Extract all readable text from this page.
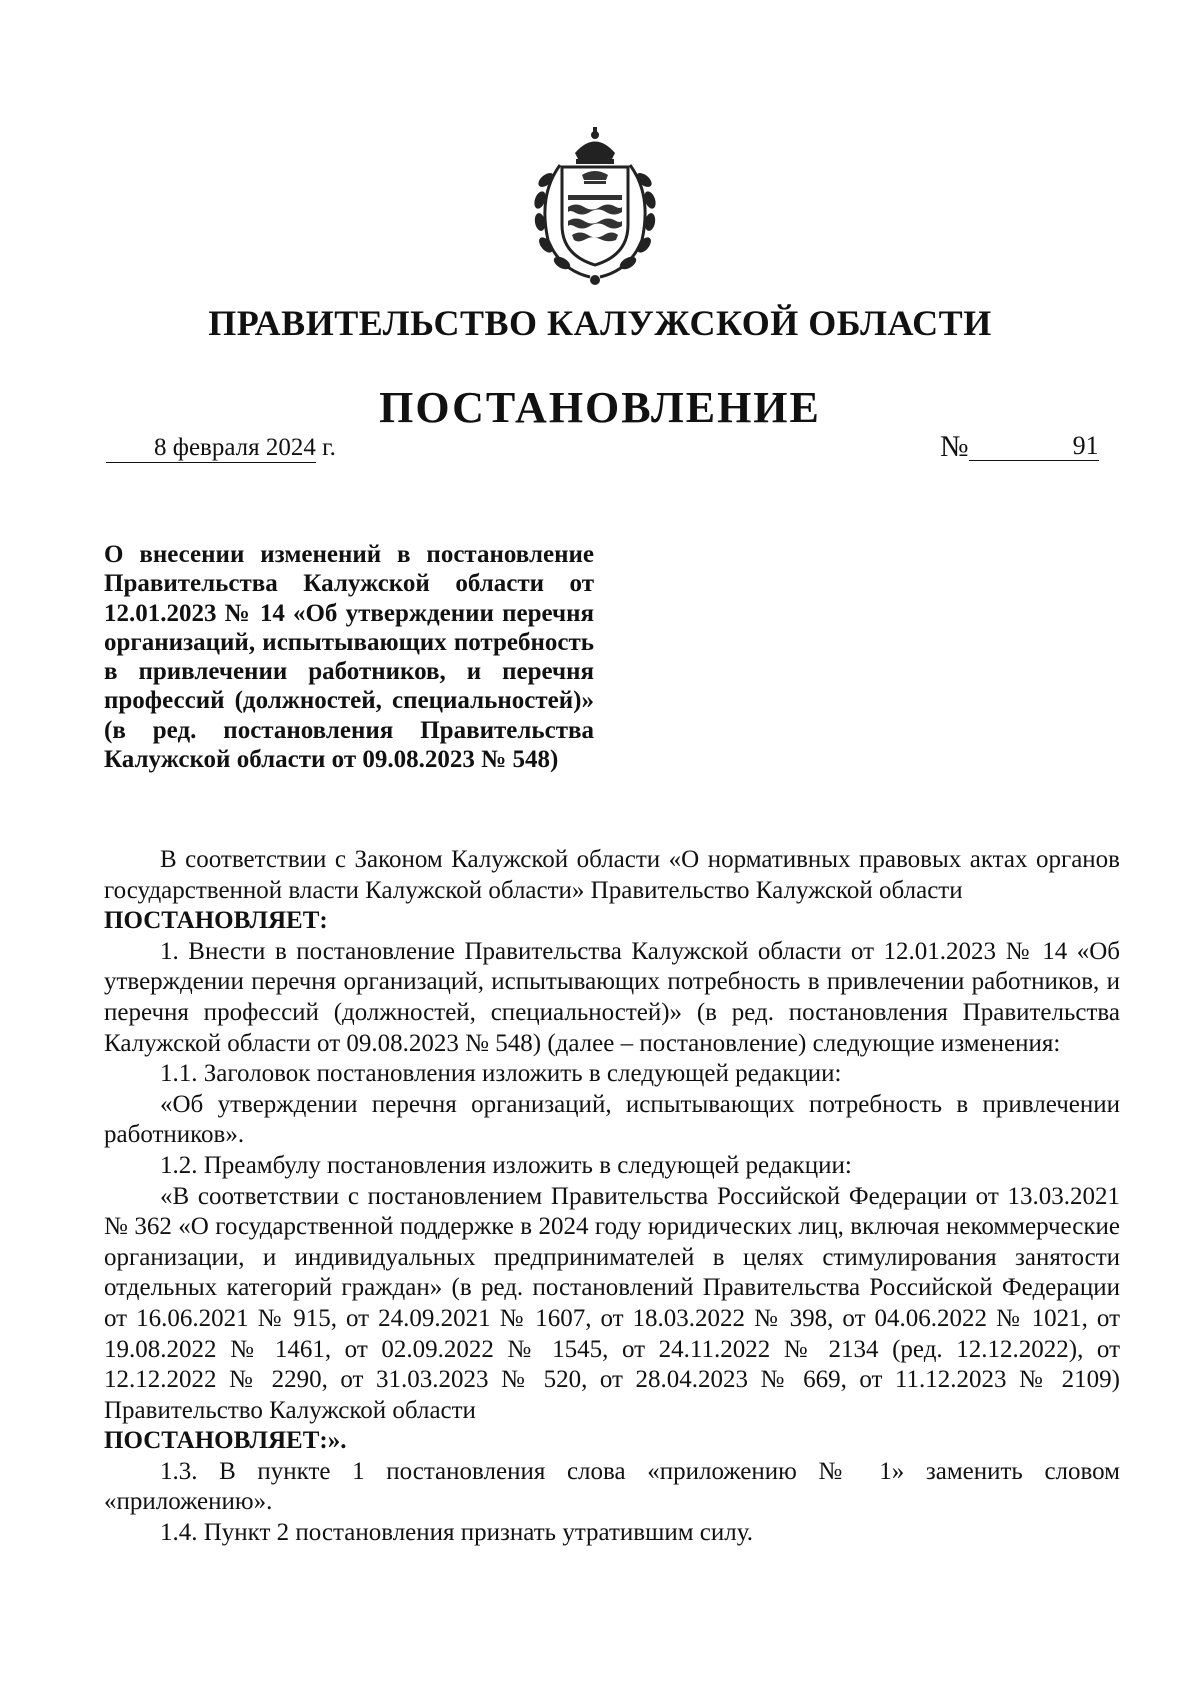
ПРАВИТЕЛЬСТВО КАЛУЖСКОЙ ОБЛАСТИ
ПОСТАНОВЛЕНИЕ
8 февраля 2024 г.	№	91
О внесении изменений в постановление Правительства Калужской области от 12.01.2023 № 14 «Об утверждении перечня организаций, испытывающих потребность в привлечении работников, и перечня профессий (должностей, специальностей)» (в ред. постановления Правительства Калужской области от 09.08.2023 № 548)

В соответствии с Законом Калужской области «О нормативных правовых актах органов государственной власти Калужской области» Правительство Калужской области

ПОСТАНОВЛЯЕТ:

1. Внести в постановление Правительства Калужской области от 12.01.2023 № 14 «Об утверждении перечня организаций, испытывающих потребность в привлечении работников, и перечня профессий (должностей, специальностей)» (в ред. постановления Правительства Калужской области от 09.08.2023 № 548) (далее – постановление) следующие изменения:

1.1. Заголовок постановления изложить в следующей редакции:

«Об утверждении перечня организаций, испытывающих потребность в привлечении работников».

1.2. Преамбулу постановления изложить в следующей редакции:

«В соответствии с постановлением Правительства Российской Федерации от 13.03.2021 № 362 «О государственной поддержке в 2024 году юридических лиц, включая некоммерческие организации, и индивидуальных предпринимателей в целях стимулирования занятости отдельных категорий граждан» (в ред. постановлений Правительства Российской Федерации от 16.06.2021 № 915, от 24.09.2021 № 1607, от 18.03.2022 № 398, от 04.06.2022 № 1021, от 19.08.2022 № 1461, от 02.09.2022 № 1545, от 24.11.2022 № 2134 (ред. 12.12.2022), от 12.12.2022 № 2290, от 31.03.2023 № 520, от 28.04.2023 № 669, от 11.12.2023 № 2109) Правительство Калужской области

ПОСТАНОВЛЯЕТ:».

1.3. В пункте 1 постановления слова «приложению № 1» заменить словом «приложению».

1.4. Пункт 2 постановления признать утратившим силу.
